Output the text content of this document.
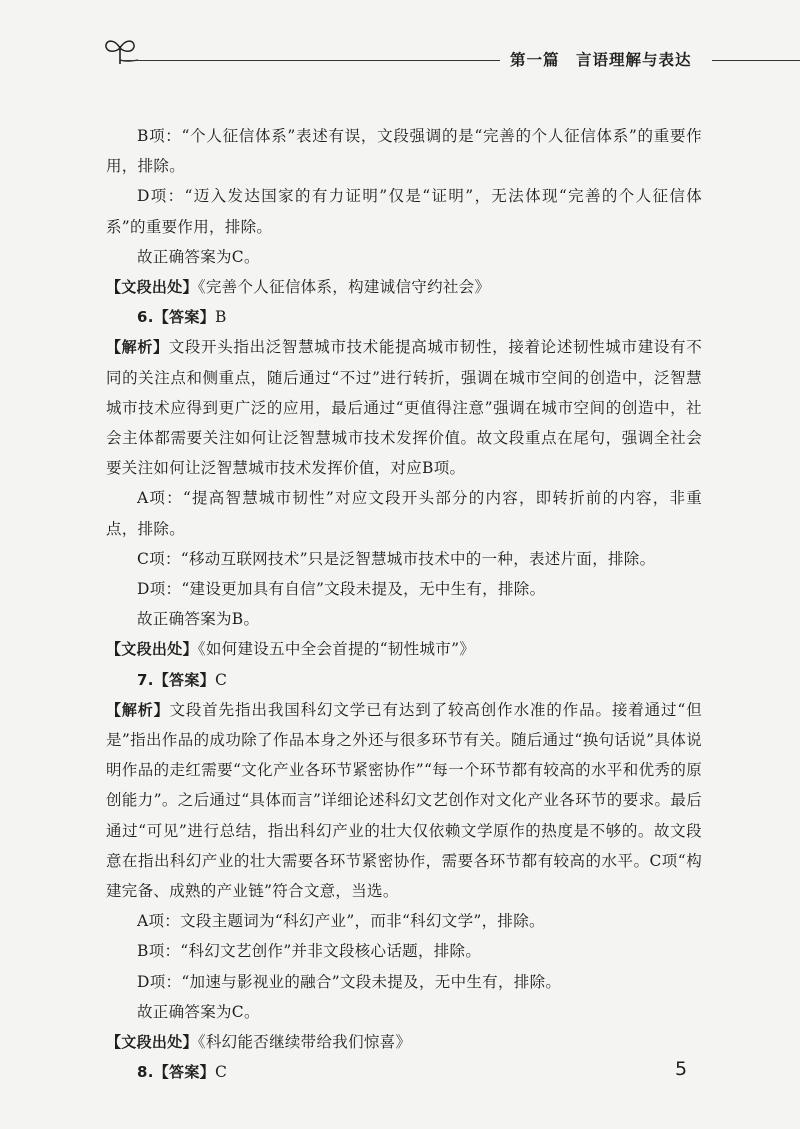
第一篇　言语理解与表达

B项：“个人征信体系”表述有误，文段强调的是“完善的个人征信体系”的重要作用，排除。

D项：“迈入发达国家的有力证明”仅是“证明”，无法体现“完善的个人征信体系”的重要作用，排除。

故正确答案为C。

【文段出处】《完善个人征信体系，构建诚信守约社会》

6.【答案】B

【解析】文段开头指出泛智慧城市技术能提高城市韧性，接着论述韧性城市建设有不同的关注点和侧重点，随后通过“不过”进行转折，强调在城市空间的创造中，泛智慧城市技术应得到更广泛的应用，最后通过“更值得注意”强调在城市空间的创造中，社会主体都需要关注如何让泛智慧城市技术发挥价值。故文段重点在尾句，强调全社会要关注如何让泛智慧城市技术发挥价值，对应B项。

A项：“提高智慧城市韧性”对应文段开头部分的内容，即转折前的内容，非重点，排除。

C项：“移动互联网技术”只是泛智慧城市技术中的一种，表述片面，排除。

D项：“建设更加具有自信”文段未提及，无中生有，排除。

故正确答案为B。

【文段出处】《如何建设五中全会首提的“韧性城市”》

7.【答案】C

【解析】文段首先指出我国科幻文学已有达到了较高创作水准的作品。接着通过“但是”指出作品的成功除了作品本身之外还与很多环节有关。随后通过“换句话说”具体说明作品的走红需要“文化产业各环节紧密协作”“每一个环节都有较高的水平和优秀的原创能力”。之后通过“具体而言”详细论述科幻文艺创作对文化产业各环节的要求。最后通过“可见”进行总结，指出科幻产业的壮大仅依赖文学原作的热度是不够的。故文段意在指出科幻产业的壮大需要各环节紧密协作，需要各环节都有较高的水平。C项“构建完备、成熟的产业链”符合文意，当选。

A项：文段主题词为“科幻产业”，而非“科幻文学”，排除。

B项：“科幻文艺创作”并非文段核心话题，排除。

D项：“加速与影视业的融合”文段未提及，无中生有，排除。

故正确答案为C。

【文段出处】《科幻能否继续带给我们惊喜》

8.【答案】C	5
